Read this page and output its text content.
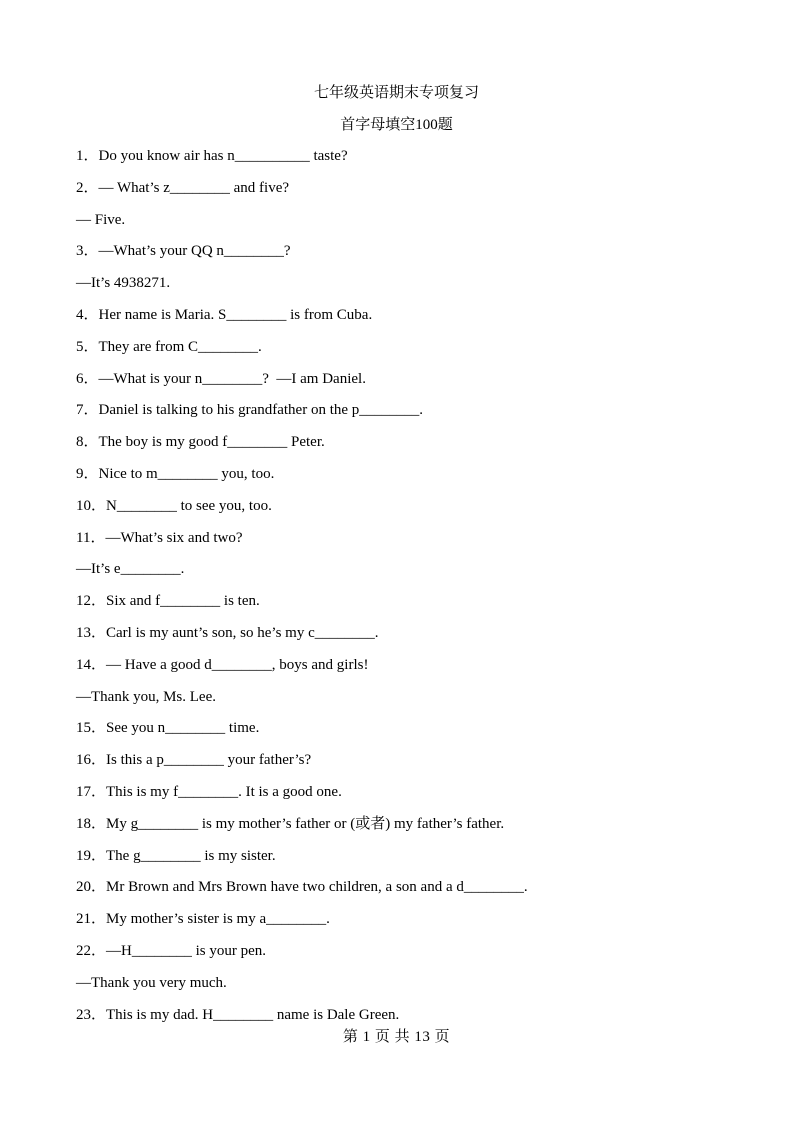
七年级英语期末专项复习
首字母填空100题
1．Do you know air has n__________ taste?
2．— What’s z________ and five?
— Five.
3．—What’s your QQ n________?
—It’s 4938271.
4．Her name is Maria. S________ is from Cuba.
5．They are from C________.
6．—What is your n________?  —I am Daniel.
7．Daniel is talking to his grandfather on the p________.
8．The boy is my good f________ Peter.
9．Nice to m________ you, too.
10．N________ to see you, too.
11．—What’s six and two?
—It’s e________.
12．Six and f________ is ten.
13．Carl is my aunt’s son, so he’s my c________.
14．— Have a good d________, boys and girls!
—Thank you, Ms. Lee.
15．See you n________ time.
16．Is this a p________ your father’s?
17．This is my f________. It is a good one.
18．My g________ is my mother’s father or (或者) my father’s father.
19．The g________ is my sister.
20．Mr Brown and Mrs Brown have two children, a son and a d________.
21．My mother’s sister is my a________.
22．—H________ is your pen.
—Thank you very much.
23．This is my dad. H________ name is Dale Green.
第 1 页 共 13 页
